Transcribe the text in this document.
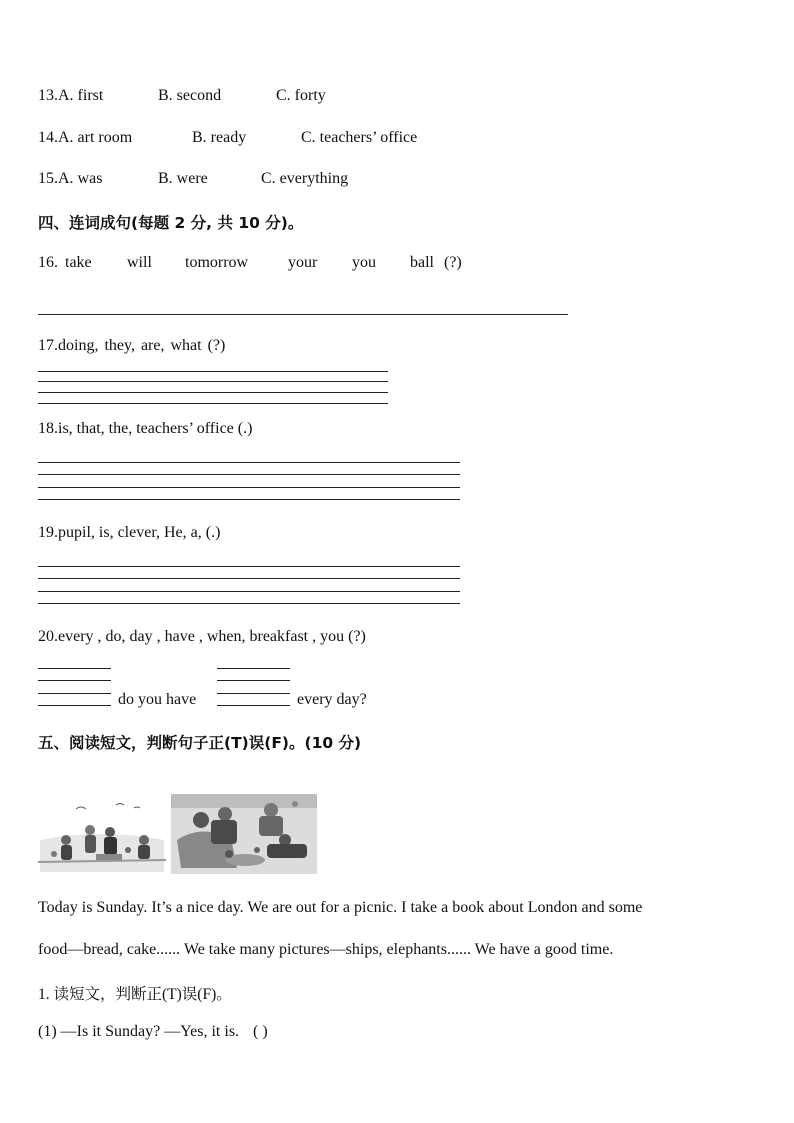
13.A. first	B. second	C. forty
14.A. art room	B. ready	C. teachers’ office
15.A. was	B. were	C. everything
四、连词成句(每题 2 分, 共 10 分)。
16. take will tomorrow your you ball (?)
17.doing, they, are, what (?)
18.is, that, the, teachers’ office (.)
19.pupil, is, clever, He, a, (.)
20.every , do, day , have , when, breakfast , you (?)
do you have	every day?
五、阅读短文，判断句子正(T)误(F)。(10 分)
Today is Sunday. It’s a nice day. We are out for a picnic. I take a book about London and some
food—bread, cake...... We take many pictures—ships, elephants...... We have a good time.
1. 读短文，判断正(T)误(F)。
(1) —Is it Sunday? —Yes, it is. ( )
